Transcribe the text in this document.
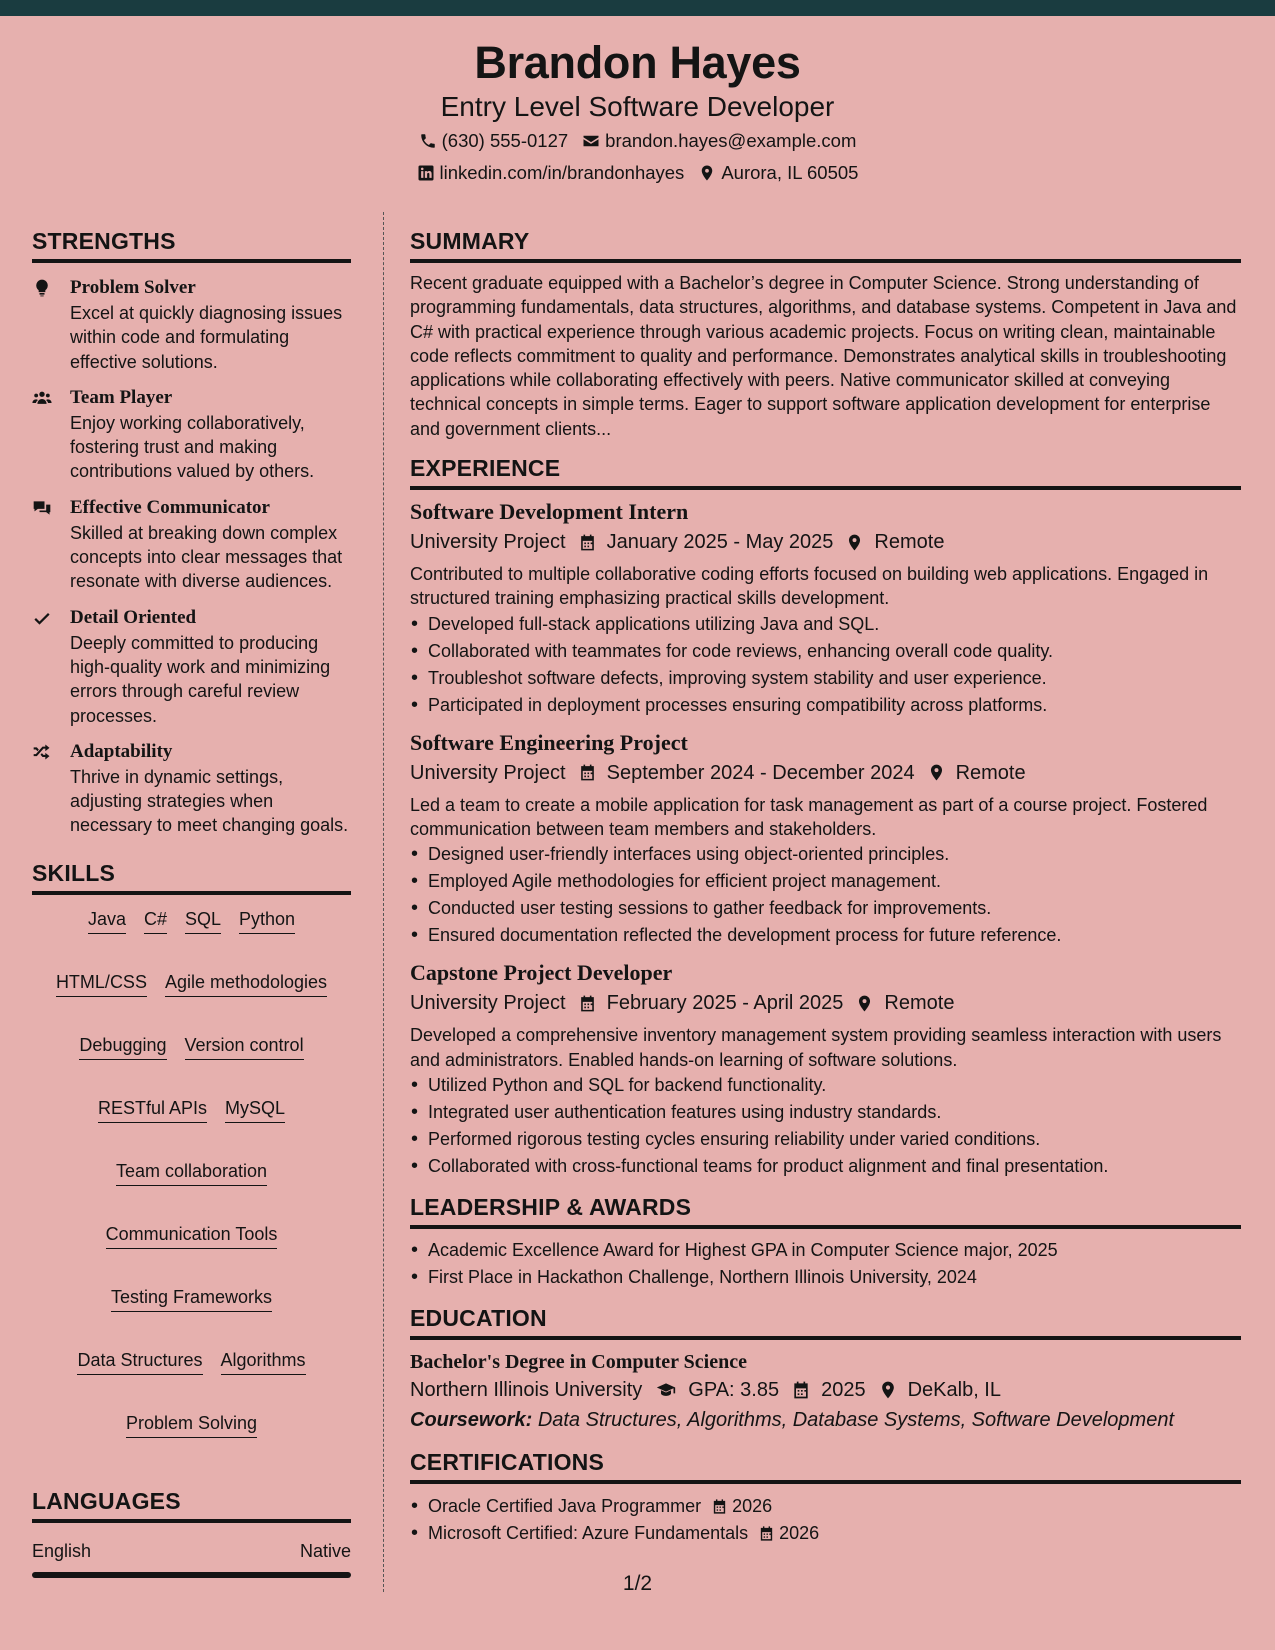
Brandon Hayes
Entry Level Software Developer
(630) 555-0127 brandon.hayes@example.com
linkedin.com/in/brandonhayes Aurora, IL 60505
STRENGTHS
Problem Solver
Excel at quickly diagnosing issues within code and formulating effective solutions.
Team Player
Enjoy working collaboratively, fostering trust and making contributions valued by others.
Effective Communicator
Skilled at breaking down complex concepts into clear messages that resonate with diverse audiences.
Detail Oriented
Deeply committed to producing high-quality work and minimizing errors through careful review processes.
Adaptability
Thrive in dynamic settings, adjusting strategies when necessary to meet changing goals.
SKILLS
Java C# SQL Python
HTML/CSS Agile methodologies
Debugging Version control
RESTful APIs MySQL
Team collaboration
Communication Tools
Testing Frameworks
Data Structures Algorithms
Problem Solving
LANGUAGES
English	Native
SUMMARY

Recent graduate equipped with a Bachelor’s degree in Computer Science. Strong understanding of programming fundamentals, data structures, algorithms, and database systems. Competent in Java and C# with practical experience through various academic projects. Focus on writing clean, maintainable code reflects commitment to quality and performance. Demonstrates analytical skills in troubleshooting applications while collaborating effectively with peers. Native communicator skilled at conveying technical concepts in simple terms. Eager to support software application development for enterprise and government clients...

EXPERIENCE
Software Development Intern
University Project January 2025 - May 2025 Remote

Contributed to multiple collaborative coding efforts focused on building web applications. Engaged in structured training emphasizing practical skills development.

• Developed full-stack applications utilizing Java and SQL.
• Collaborated with teammates for code reviews, enhancing overall code quality.
• Troubleshot software defects, improving system stability and user experience.
• Participated in deployment processes ensuring compatibility across platforms.
Software Engineering Project
University Project September 2024 - December 2024 Remote

Led a team to create a mobile application for task management as part of a course project. Fostered communication between team members and stakeholders.

• Designed user-friendly interfaces using object-oriented principles.
• Employed Agile methodologies for efficient project management.
• Conducted user testing sessions to gather feedback for improvements.
• Ensured documentation reflected the development process for future reference.
Capstone Project Developer
University Project February 2025 - April 2025 Remote

Developed a comprehensive inventory management system providing seamless interaction with users and administrators. Enabled hands-on learning of software solutions.

• Utilized Python and SQL for backend functionality.
• Integrated user authentication features using industry standards.
• Performed rigorous testing cycles ensuring reliability under varied conditions.
• Collaborated with cross-functional teams for product alignment and final presentation.
LEADERSHIP & AWARDS
• Academic Excellence Award for Highest GPA in Computer Science major, 2025
• First Place in Hackathon Challenge, Northern Illinois University, 2024
EDUCATION
Bachelor's Degree in Computer Science
Northern Illinois University GPA: 3.85 2025 DeKalb, IL
Coursework: Data Structures, Algorithms, Database Systems, Software Development
CERTIFICATIONS
• Oracle Certified Java Programmer 2026
• Microsoft Certified: Azure Fundamentals 2026
1/2
